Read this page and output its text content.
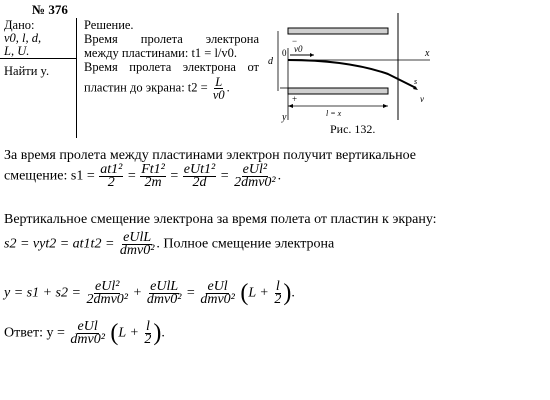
№ 376
Дано:
v0, l, d,
L, U.
Найти y.

Решение.

Время пролета электрона

между пластинами: t1 = l/v0.

Время пролета электрона от

пластин до экрана: $t2 = \frac{L}{v0}$ .

d
0 v0	x
y
−
+
l = x
s
v
Рис. 132.
За время пролета между пластинами электрон получит вертикальное
смещение: $s1 = \frac{\text{at1²}}{2} = \frac{\text{Ft1²}}{2m} = \frac{\text{eUt1²}}{2d} = \frac{\text{eUl²}}{\text{2dmv0²}}$ .
Вертикальное смещение электрона за время полета от пластин к экрану:
$s2 = vyt2 = at1t2 = \frac{\text{eUlL}}{\text{dmv0²}}$ . Полное смещение электрона
$y = s1 + s2 = \frac{\text{eUl²}}{\text{2dmv0²}} + \frac{\text{eUlL}}{\text{dmv0²}} = \frac{\text{eUl}}{\text{dmv0²}} (L + \frac{l}{2}$ ).
Ответ: $y = \frac{\text{eUl}}{\text{dmv0²}} (L + \frac{l}{2}$ ).
